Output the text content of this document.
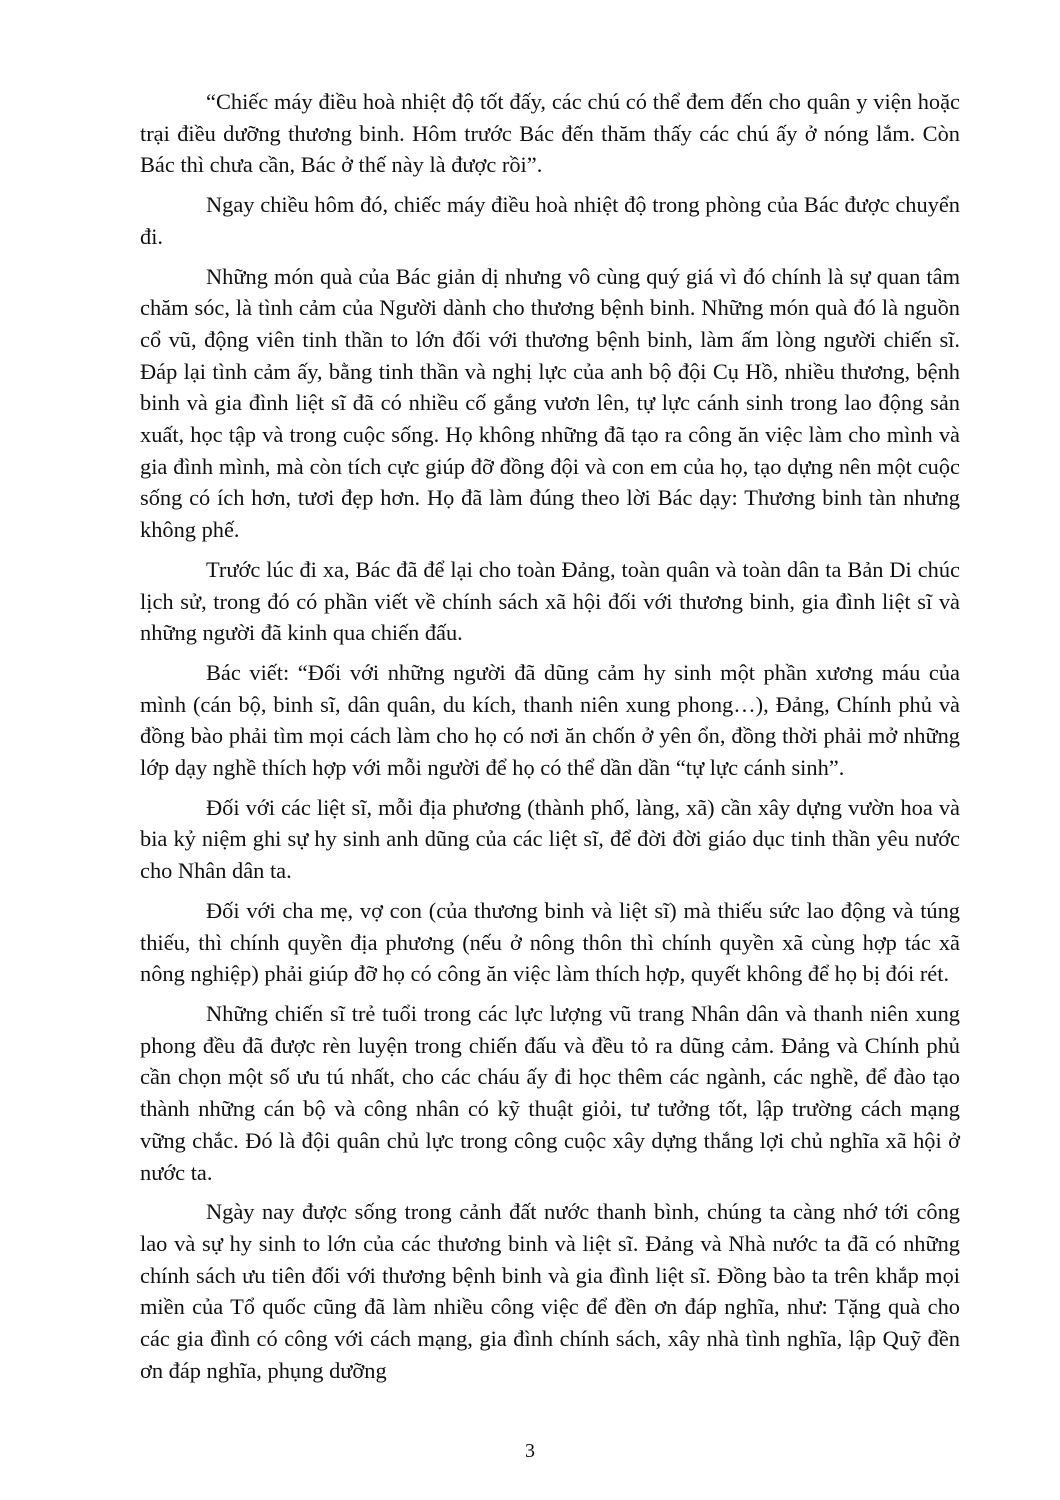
“Chiếc máy điều hoà nhiệt độ tốt đấy, các chú có thể đem đến cho quân y viện hoặc trại điều dưỡng thương binh. Hôm trước Bác đến thăm thấy các chú ấy ở nóng lắm. Còn Bác thì chưa cần, Bác ở thế này là được rồi”.

Ngay chiều hôm đó, chiếc máy điều hoà nhiệt độ trong phòng của Bác được chuyển đi.

Những món quà của Bác giản dị nhưng vô cùng quý giá vì đó chính là sự quan tâm chăm sóc, là tình cảm của Người dành cho thương bệnh binh. Những món quà đó là nguồn cổ vũ, động viên tinh thần to lớn đối với thương bệnh binh, làm ấm lòng người chiến sĩ. Đáp lại tình cảm ấy, bằng tinh thần và nghị lực của anh bộ đội Cụ Hồ, nhiều thương, bệnh binh và gia đình liệt sĩ đã có nhiều cố gắng vươn lên, tự lực cánh sinh trong lao động sản xuất, học tập và trong cuộc sống. Họ không những đã tạo ra công ăn việc làm cho mình và gia đình mình, mà còn tích cực giúp đỡ đồng đội và con em của họ, tạo dựng nên một cuộc sống có ích hơn, tươi đẹp hơn. Họ đã làm đúng theo lời Bác dạy: Thương binh tàn nhưng không phế.

Trước lúc đi xa, Bác đã để lại cho toàn Đảng, toàn quân và toàn dân ta Bản Di chúc lịch sử, trong đó có phần viết về chính sách xã hội đối với thương binh, gia đình liệt sĩ và những người đã kinh qua chiến đấu.

Bác viết: “Đối với những người đã dũng cảm hy sinh một phần xương máu của mình (cán bộ, binh sĩ, dân quân, du kích, thanh niên xung phong…), Đảng, Chính phủ và đồng bào phải tìm mọi cách làm cho họ có nơi ăn chốn ở yên ổn, đồng thời phải mở những lớp dạy nghề thích hợp với mỗi người để họ có thể dần dần “tự lực cánh sinh”.

Đối với các liệt sĩ, mỗi địa phương (thành phố, làng, xã) cần xây dựng vườn hoa và bia kỷ niệm ghi sự hy sinh anh dũng của các liệt sĩ, để đời đời giáo dục tinh thần yêu nước cho Nhân dân ta.

Đối với cha mẹ, vợ con (của thương binh và liệt sĩ) mà thiếu sức lao động và túng thiếu, thì chính quyền địa phương (nếu ở nông thôn thì chính quyền xã cùng hợp tác xã nông nghiệp) phải giúp đỡ họ có công ăn việc làm thích hợp, quyết không để họ bị đói rét.

Những chiến sĩ trẻ tuổi trong các lực lượng vũ trang Nhân dân và thanh niên xung phong đều đã được rèn luyện trong chiến đấu và đều tỏ ra dũng cảm. Đảng và Chính phủ cần chọn một số ưu tú nhất, cho các cháu ấy đi học thêm các ngành, các nghề, để đào tạo thành những cán bộ và công nhân có kỹ thuật giỏi, tư tưởng tốt, lập trường cách mạng vững chắc. Đó là đội quân chủ lực trong công cuộc xây dựng thắng lợi chủ nghĩa xã hội ở nước ta.

Ngày nay được sống trong cảnh đất nước thanh bình, chúng ta càng nhớ tới công lao và sự hy sinh to lớn của các thương binh và liệt sĩ. Đảng và Nhà nước ta đã có những chính sách ưu tiên đối với thương bệnh binh và gia đình liệt sĩ. Đồng bào ta trên khắp mọi miền của Tổ quốc cũng đã làm nhiều công việc để đền ơn đáp nghĩa, như: Tặng quà cho các gia đình có công với cách mạng, gia đình chính sách, xây nhà tình nghĩa, lập Quỹ đền ơn đáp nghĩa, phụng dưỡng

3
